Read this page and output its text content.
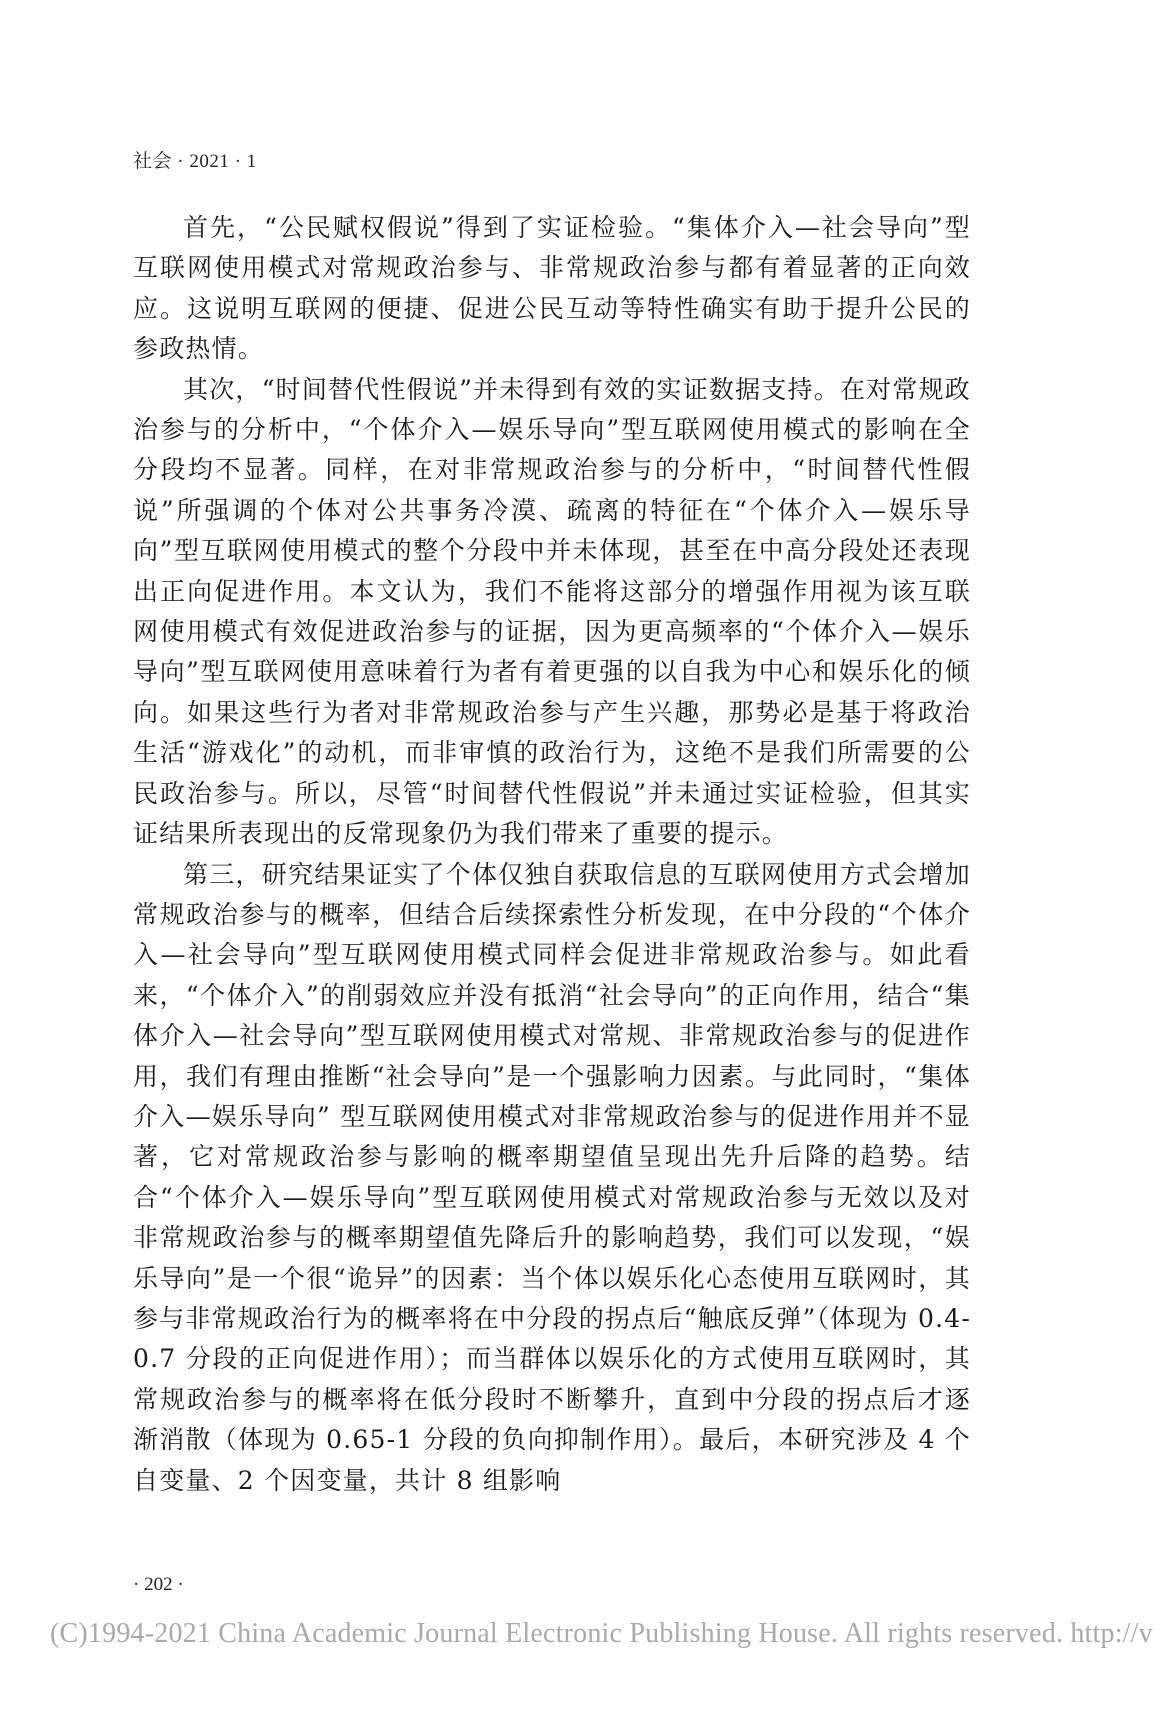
社会 · 2021 · 1

首先，“公民赋权假说”得到了实证检验。“集体介入—社会导向”型互联网使用模式对常规政治参与、非常规政治参与都有着显著的正向效应。这说明互联网的便捷、促进公民互动等特性确实有助于提升公民的参政热情。

其次，“时间替代性假说”并未得到有效的实证数据支持。在对常规政治参与的分析中，“个体介入—娱乐导向”型互联网使用模式的影响在全分段均不显著。同样，在对非常规政治参与的分析中，“时间替代性假说”所强调的个体对公共事务冷漠、疏离的特征在“个体介入—娱乐导向”型互联网使用模式的整个分段中并未体现，甚至在中高分段处还表现出正向促进作用。本文认为，我们不能将这部分的增强作用视为该互联网使用模式有效促进政治参与的证据，因为更高频率的“个体介入—娱乐导向”型互联网使用意味着行为者有着更强的以自我为中心和娱乐化的倾向。如果这些行为者对非常规政治参与产生兴趣，那势必是基于将政治生活“游戏化”的动机，而非审慎的政治行为，这绝不是我们所需要的公民政治参与。所以，尽管“时间替代性假说”并未通过实证检验，但其实证结果所表现出的反常现象仍为我们带来了重要的提示。

第三，研究结果证实了个体仅独自获取信息的互联网使用方式会增加常规政治参与的概率，但结合后续探索性分析发现，在中分段的“个体介入—社会导向”型互联网使用模式同样会促进非常规政治参与。如此看来，“个体介入”的削弱效应并没有抵消“社会导向”的正向作用，结合“集体介入—社会导向”型互联网使用模式对常规、非常规政治参与的促进作用，我们有理由推断“社会导向”是一个强影响力因素。与此同时，“集体介入—娱乐导向” 型互联网使用模式对非常规政治参与的促进作用并不显著，它对常规政治参与影响的概率期望值呈现出先升后降的趋势。结合“个体介入—娱乐导向”型互联网使用模式对常规政治参与无效以及对非常规政治参与的概率期望值先降后升的影响趋势，我们可以发现，“娱乐导向”是一个很“诡异”的因素：当个体以娱乐化心态使用互联网时，其参与非常规政治行为的概率将在中分段的拐点后“触底反弹”（体现为 0.4-0.7 分段的正向促进作用）；而当群体以娱乐化的方式使用互联网时，其常规政治参与的概率将在低分段时不断攀升，直到中分段的拐点后才逐渐消散（体现为 0.65-1 分段的负向抑制作用）。最后，本研究涉及 4 个自变量、2 个因变量，共计 8 组影响

· 202 ·
(C)1994-2021 China Academic Journal Electronic Publishing House. All rights reserved. http://v
